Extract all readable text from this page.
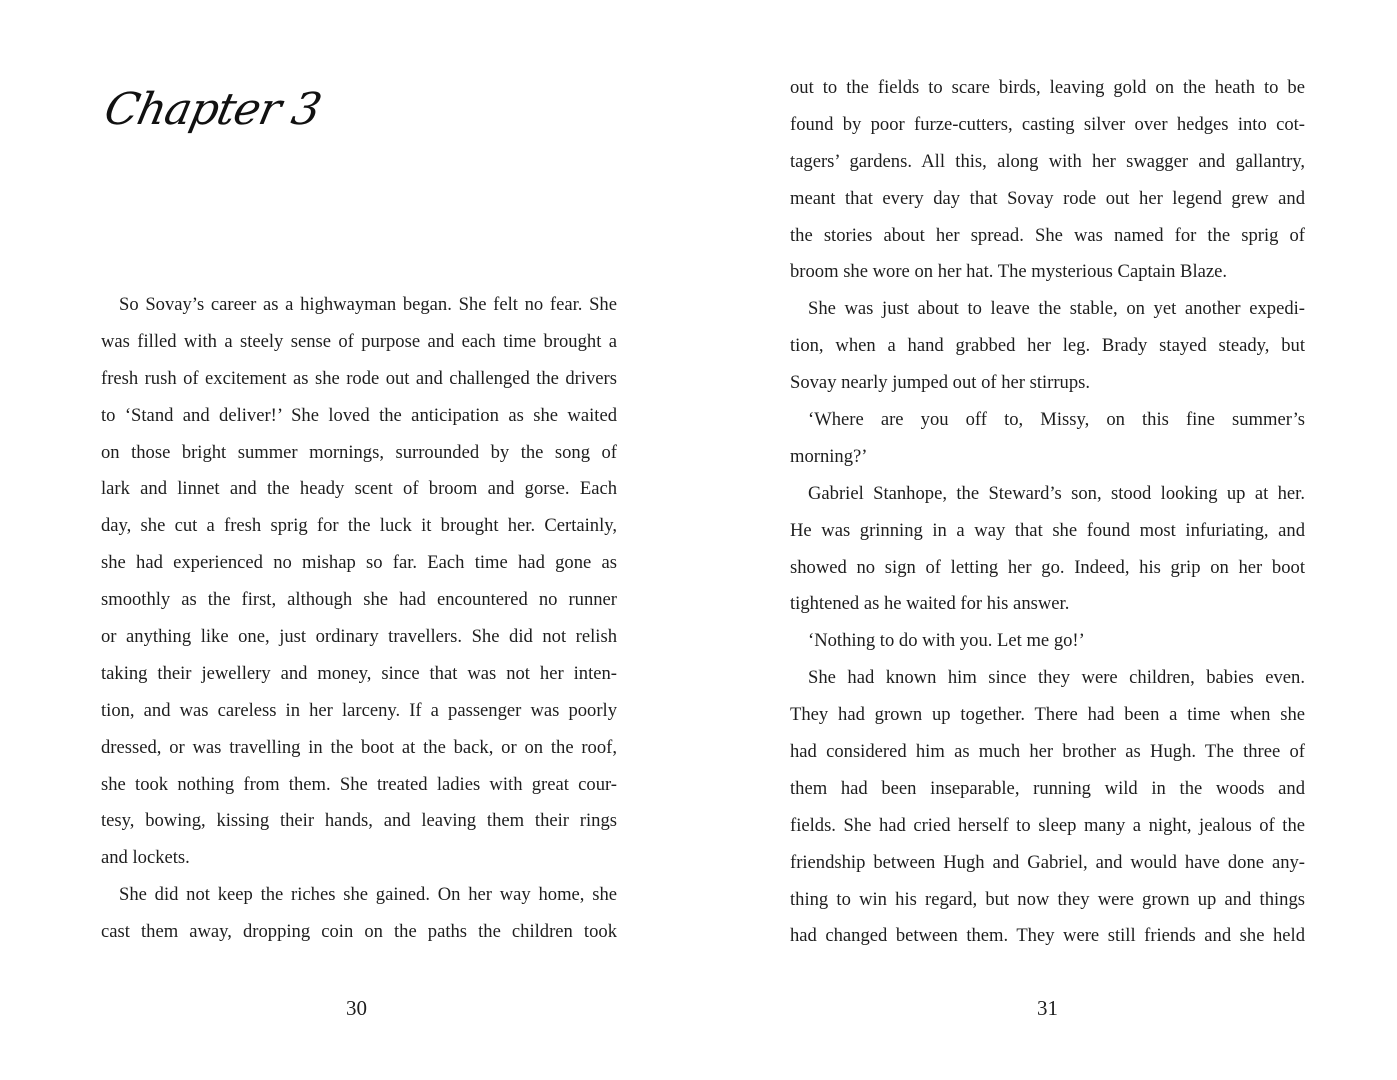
Chapter 3
So Sovay’s career as a highwayman began. She felt no fear. She
was filled with a steely sense of purpose and each time brought a
fresh rush of excitement as she rode out and challenged the drivers
to ‘Stand and deliver!’ She loved the anticipation as she waited
on those bright summer mornings, surrounded by the song of
lark and linnet and the heady scent of broom and gorse. Each
day, she cut a fresh sprig for the luck it brought her. Certainly,
she had experienced no mishap so far. Each time had gone as
smoothly as the first, although she had encountered no runner
or anything like one, just ordinary travellers. She did not relish
taking their jewellery and money, since that was not her inten-
tion, and was careless in her larceny. If a passenger was poorly
dressed, or was travelling in the boot at the back, or on the roof,
she took nothing from them. She treated ladies with great cour-
tesy, bowing, kissing their hands, and leaving them their rings
and lockets.
She did not keep the riches she gained. On her way home, she
cast them away, dropping coin on the paths the children took
30
out to the fields to scare birds, leaving gold on the heath to be
found by poor furze-cutters, casting silver over hedges into cot-
tagers’ gardens. All this, along with her swagger and gallantry,
meant that every day that Sovay rode out her legend grew and
the stories about her spread. She was named for the sprig of
broom she wore on her hat. The mysterious Captain Blaze.
She was just about to leave the stable, on yet another expedi-
tion, when a hand grabbed her leg. Brady stayed steady, but
Sovay nearly jumped out of her stirrups.
‘Where are you off to, Missy, on this fine summer’s
morning?’
Gabriel Stanhope, the Steward’s son, stood looking up at her.
He was grinning in a way that she found most infuriating, and
showed no sign of letting her go. Indeed, his grip on her boot
tightened as he waited for his answer.
‘Nothing to do with you. Let me go!’
She had known him since they were children, babies even.
They had grown up together. There had been a time when she
had considered him as much her brother as Hugh. The three of
them had been inseparable, running wild in the woods and
fields. She had cried herself to sleep many a night, jealous of the
friendship between Hugh and Gabriel, and would have done any-
thing to win his regard, but now they were grown up and things
had changed between them. They were still friends and she held
31
